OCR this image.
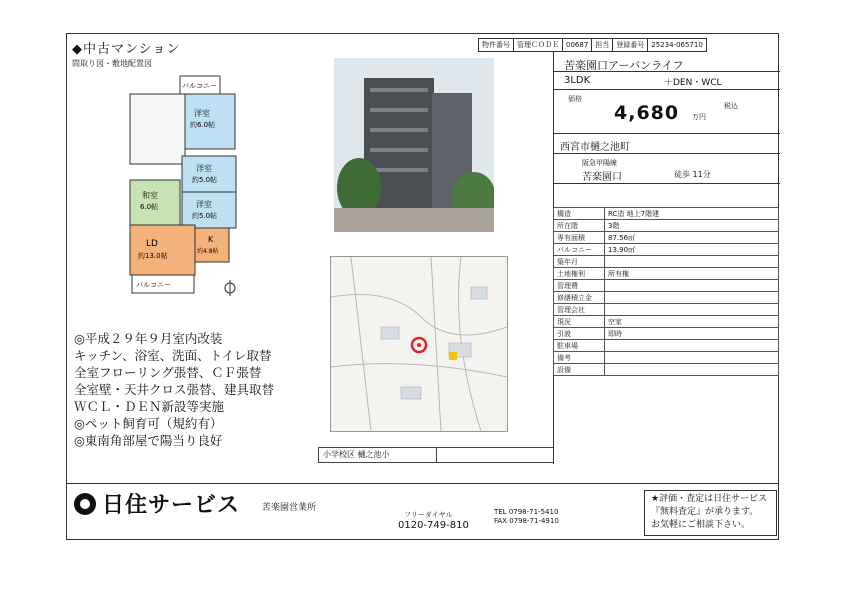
◆中古マンション	物件番号	管理ＣＯＤＥ	00687	担当	登録番号	25234-065710
間取り図・敷地配置図
バルコニー
洋室
約6.0帖
洋室
約5.0帖
洋室
約5.0帖
和室
6.0帖
LD
約13.0帖
K
約4.8帖
バルコニー
◎平成２９年９月室内改装
キッチン、浴室、洗面、トイレ取替
全室フローリング張替、ＣＦ張替
全室壁・天井クロス張替、建具取替
ＷＣＬ・ＤＥＮ新設等実施
◎ペット飼育可（規約有）
◎東南角部屋で陽当り良好
小学校区 樋之池小
苦楽園口アーバンライフ
3LDK	＋DEN・WCL
価格
4,680 万円
税込
西宮市樋之池町
阪急甲陽線
苦楽園口	徒歩 11分
構造	RC造 地上7階建
所在階	3階
専有面積	87.56㎡
バルコニー	13.90㎡
築年月	
土地権利	所有権
管理費	
修繕積立金	
管理会社	
現況	空家
引渡	即時
駐車場	
備考	
設備	
日住サービス 苦楽園営業所
フリーダイヤル
0120-749-810
TEL 0798-71-5410
FAX 0798-71-4910
★評価・査定は日住サービス
『無料査定』が承ります。
お気軽にご相談下さい。
